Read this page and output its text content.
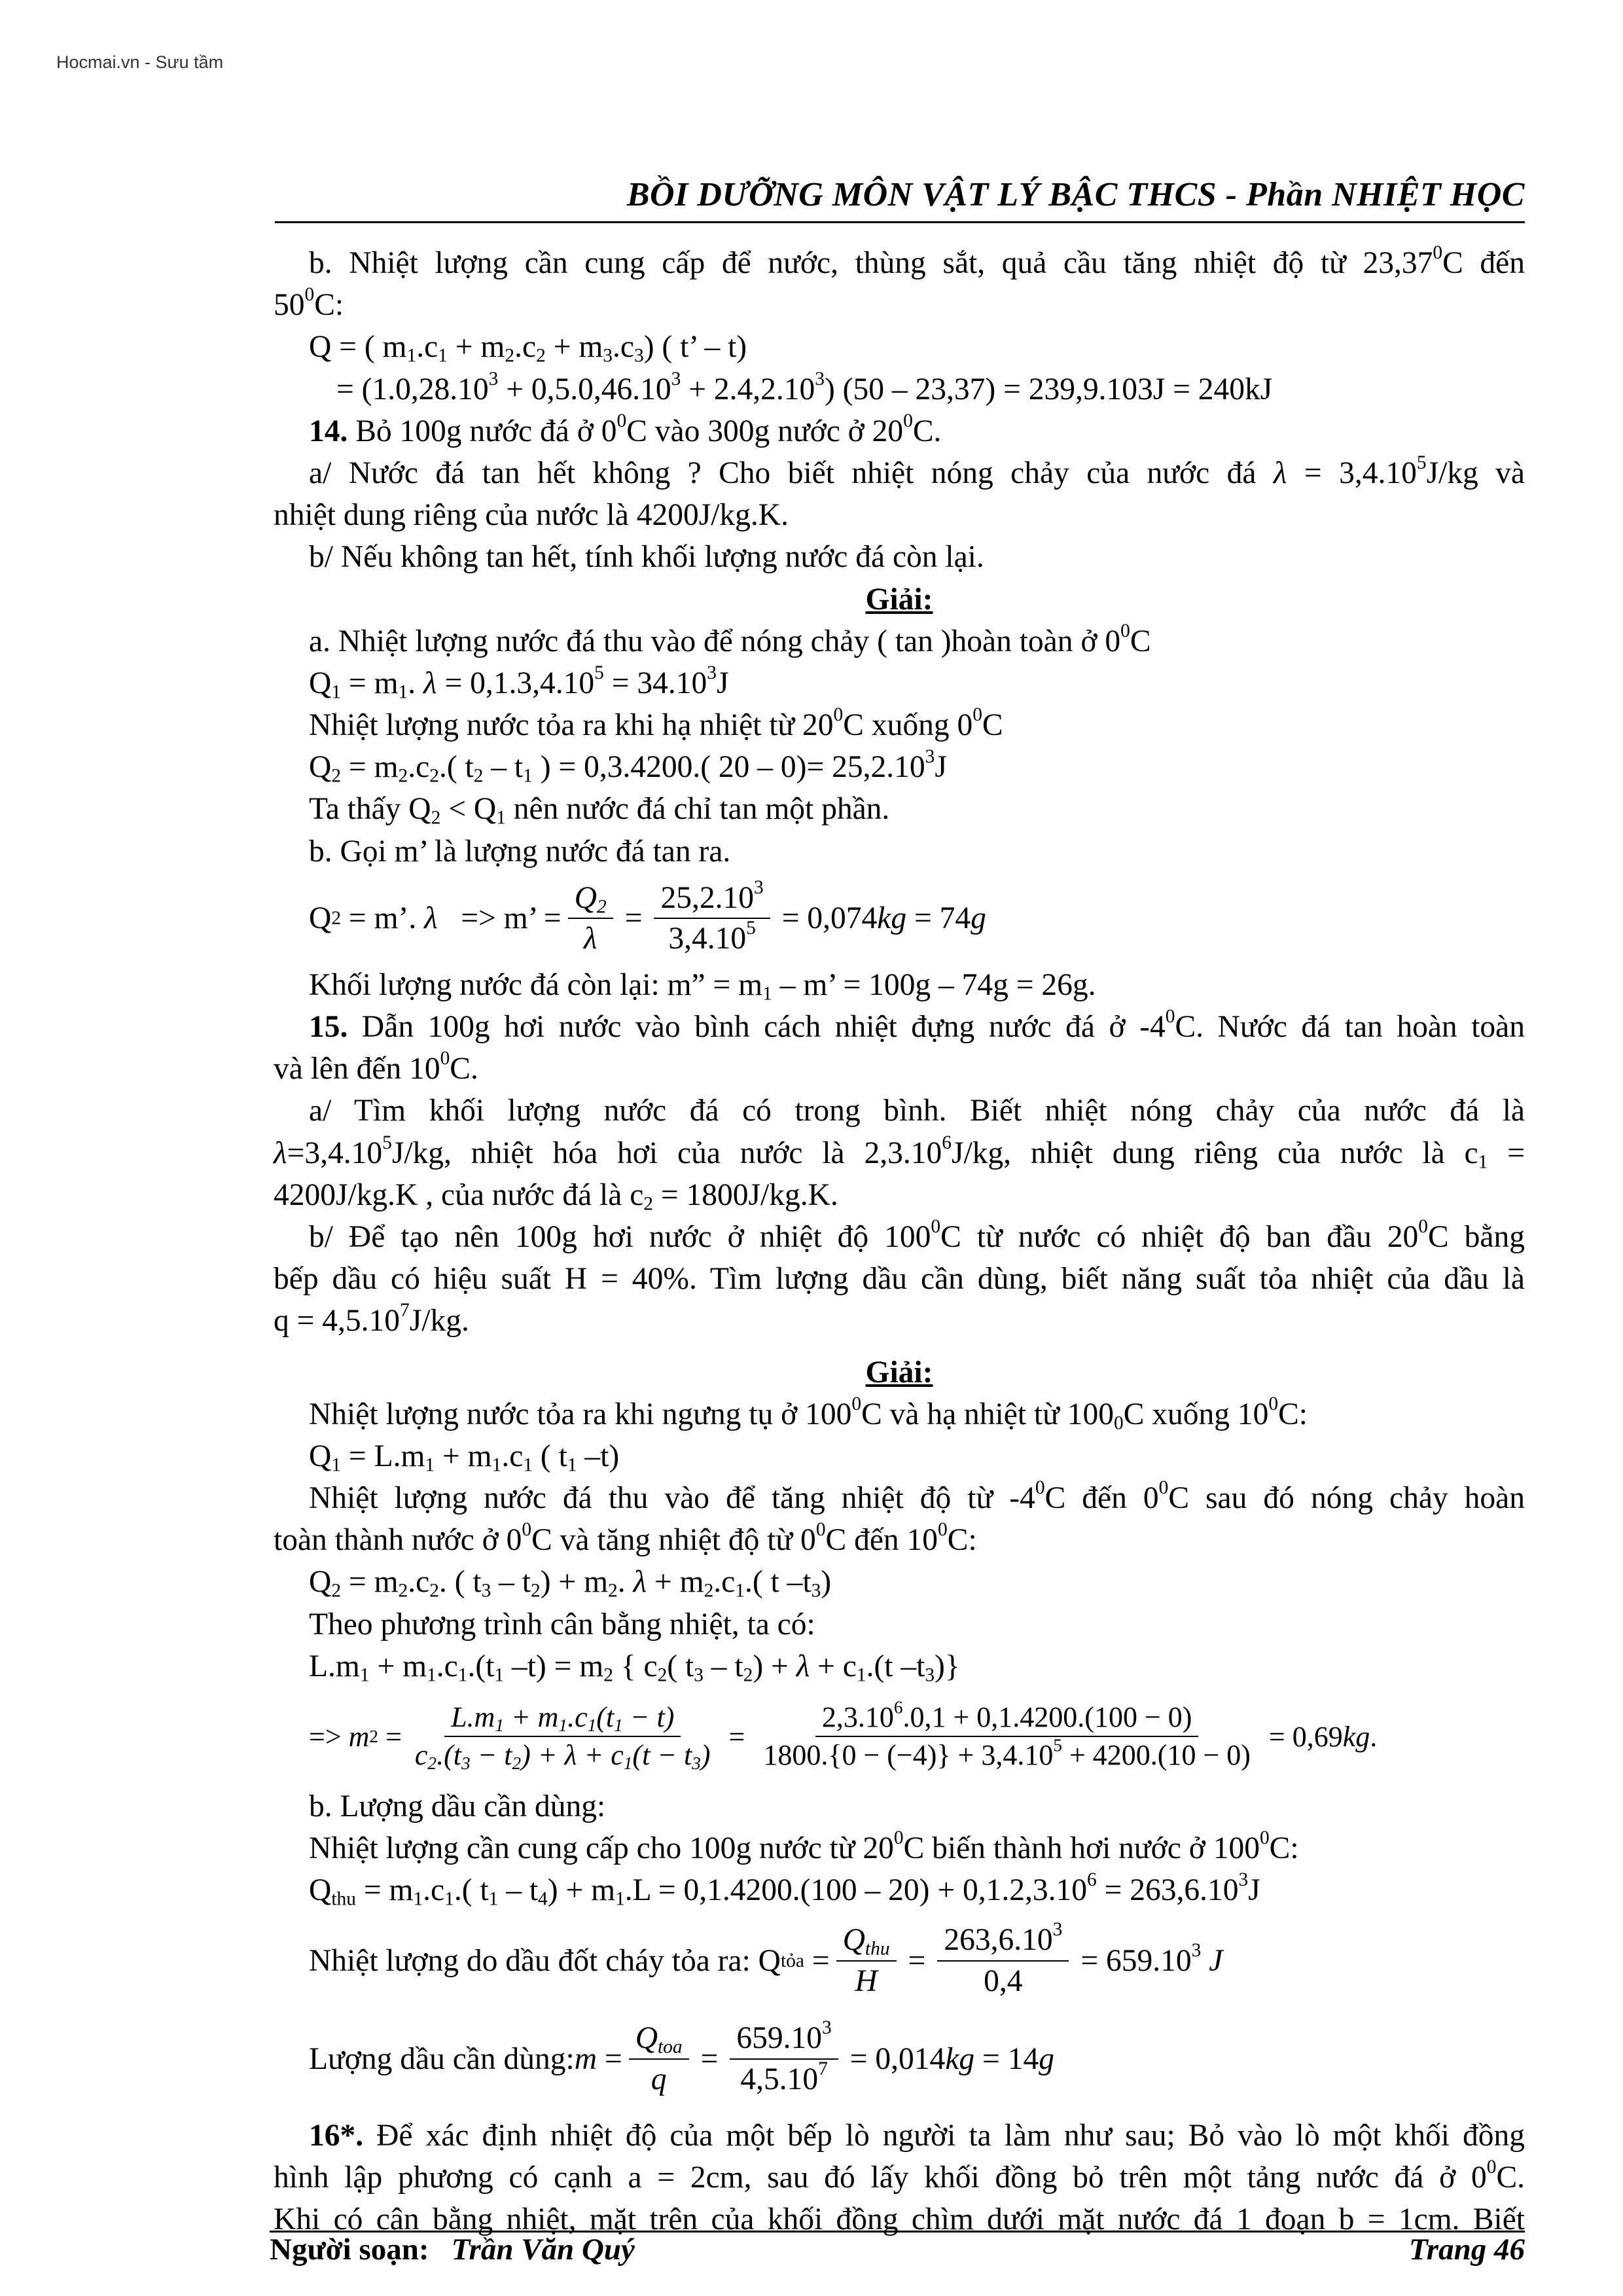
Hocmai.vn - Sưu tầm
BỒI DƯỠNG MÔN VẬT LÝ BẬC THCS - Phần NHIỆT HỌC
b. Nhiệt lượng cần cung cấp để nước, thùng sắt, quả cầu tăng nhiệt độ từ 23,37$^0$C đến
$50^0C$:
Q = ( $m_1.c_1 + m_2.c_2 + m_3.c_3$) ( t’ – t)
= $(1.0,28.10^3 + 0,5.0,46.10^3 + 2.4,2.10^3)$ (50 – 23,37) = 239,9.103J = 240kJ
14. Bỏ 100g nước đá ở $0^0C$ vào 300g nước ở $20^0C$.
a/ Nước đá tan hết không ? Cho biết nhiệt nóng chảy của nước đá $\lambda = 3,4.10^5J/kg$ và
nhiệt dung riêng của nước là 4200J/kg.K.
b/ Nếu không tan hết, tính khối lượng nước đá còn lại.
Giải:
a. Nhiệt lượng nước đá thu vào để nóng chảy ( tan )hoàn toàn ở $0^0C$
$Q_1 = m_1$. $\lambda = 0,1.3,4.10^5 = 34.10^3J$
Nhiệt lượng nước tỏa ra khi hạ nhiệt từ $20^0C$ xuống $0^0C$
$Q_2 = m_2.c_2$.( $t_2 - t_1$ ) = 0,3.4200.( $20 - 0)= 25,2.10^3J$
Ta thấy $Q_2 < Q_1$ nên nước đá chỉ tan một phần.
b. Gọi m’ là lượng nước đá tan ra.
Q 2 = m’. λ => m’ = $\frac{Q_2}{\lambda} = \frac{25,2.10^3}{3,4.10^5} = 0,074kg = 74g$
Khối lượng nước đá còn lại: m” = $m_1$ – m’ = 100g – 74g = 26g.
15. Dẫn 100g hơi nước vào bình cách nhiệt đựng nước đá ở $-4^0C$. Nước đá tan hoàn toàn
và lên đến $10^0C$.
a/ Tìm khối lượng nước đá có trong bình. Biết nhiệt nóng chảy của nước đá là
$\lambda=3,4.10^5J/kg$, nhiệt hóa hơi của nước là 2,3.10$^6$J/kg, nhiệt dung riêng của nước là $c_1$ =
4200J/kg.K , của nước đá là $c_2 = 1800J/kg.K$.
b/ Để tạo nên 100g hơi nước ở nhiệt độ $100^0C$ từ nước có nhiệt độ ban đầu $20^0C$ bằng
bếp dầu có hiệu suất H = 40%. Tìm lượng dầu cần dùng, biết năng suất tỏa nhiệt của dầu là
$q = 4,5.10^7J/kg$.
Giải:
Nhiệt lượng nước tỏa ra khi ngưng tụ ở $100^0C$ và hạ nhiệt từ $100_0C$ xuống $10^0C$:
$Q_1 = L.m_1 + m_1.c_1$ ( $t_1$ –t)
Nhiệt lượng nước đá thu vào để tăng nhiệt độ từ $-4^0C$ đến $0^0C$ sau đó nóng chảy hoàn
toàn thành nước ở $0^0C$ và tăng nhiệt độ từ $0^0C$ đến $10^0C$:
$Q_2 = m_2.c_2$. ( $t_3 - t_2) + m_2$. $\lambda + m_2.c_1$.( t $-t_3$)
Theo phương trình cân bằng nhiệt, ta có:
$L.m_1 + m_1.c_1.(t_1$ $-t) = m_2$ { $c_2$( $t_3 - t_2) + \lambda + c_1.(t$ $-t_3$)}
=> m $2 = \frac{L.m_1 + m_1.c_1(t_1 - t)}{c_2.(t_3 - t_2) + \lambda + c_1(t - t_3)} = \frac{2,3.10^6.0,1 + 0,1.4200.(100 - 0)}{1800.\{0 - (-4)\} + 3,4.10^5 + 4200.(10 - 0)} = 0,69kg$.
b. Lượng dầu cần dùng:
Nhiệt lượng cần cung cấp cho 100g nước từ $20^0C$ biến thành hơi nước ở $100^0C$:
$Q_{thu} = m_1.c_1$.( $t_1 - t_4) + m_1.L = 0,1.4200.(100 - 20) + 0,1.2,3.10^6 = 263,6.10^3J$
Nhiệt lượng do dầu đốt cháy tỏa ra: Q tỏa = $\frac{Q_{thu}}{H} = \frac{263,6.10^3}{0,4} = 659.10^3$ J
Lượng dầu cần dùng: $m = \frac{Q_{toa}}{q} = \frac{659.10^3}{4,5.10^7} = 0,014kg = 14g$
16*. Để xác định nhiệt độ của một bếp lò người ta làm như sau; Bỏ vào lò một khối đồng
hình lập phương có cạnh a = 2cm, sau đó lấy khối đồng bỏ trên một tảng nước đá ở $0^0C$.
Khi có cân bằng nhiệt, mặt trên của khối đồng chìm dưới mặt nước đá 1 đoạn b = 1cm. Biết
Người soạn: Trần Văn Quý	Trang 46
